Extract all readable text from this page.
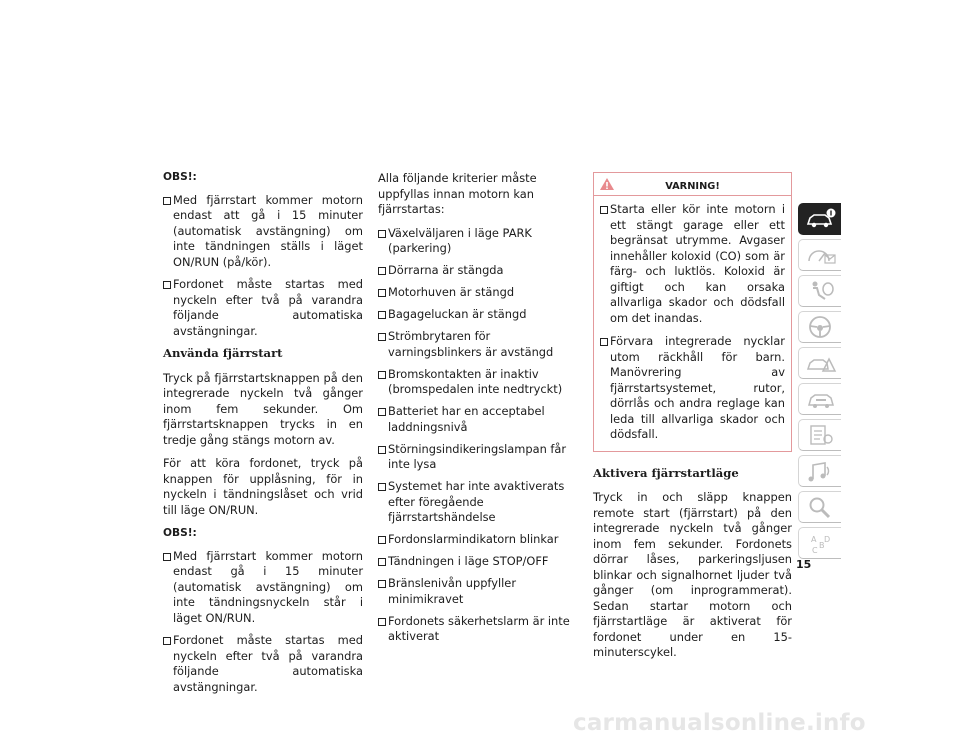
OBS!:

Med fjärrstart kommer motorn endast att gå i 15 minuter (automatisk avstängning) om inte tändningen ställs i läget ON/RUN (på/kör).
Fordonet måste startas med nyckeln efter två på varandra följande automatiska avstängningar.
Använda fjärrstart

Tryck på fjärrstartsknappen på den integrerade nyckeln två gånger inom fem sekunder. Om fjärrstartsknappen trycks in en tredje gång stängs motorn av.

För att köra fordonet, tryck på knappen för upplåsning, för in nyckeln i tändningslåset och vrid till läge ON/RUN.

OBS!:

Med fjärrstart kommer motorn endast gå i 15 minuter (automatisk avstängning) om inte tändningsnyckeln står i läget ON/RUN.
Fordonet måste startas med nyckeln efter två på varandra följande automatiska avstängningar.

Alla följande kriterier måste uppfyllas innan motorn kan fjärrstartas:

Växelväljaren i läge PARK (parkering)
Dörrarna är stängda
Motorhuven är stängd
Bagageluckan är stängd
Strömbrytaren för varningsblinkers är avstängd
Bromskontakten är inaktiv (bromspedalen inte nedtryckt)
Batteriet har en acceptabel laddningsnivå
Störningsindikeringslampan får inte lysa
Systemet har inte avaktiverats efter föregående fjärrstartshändelse
Fordonslarmindikatorn blinkar
Tändningen i läge STOP/OFF
Bränslenivån uppfyller minimikravet
Fordonets säkerhetslarm är inte aktiverat
VARNING!
Starta eller kör inte motorn i ett stängt garage eller ett begränsat utrymme. Avgaser innehåller koloxid (CO) som är färg- och luktlös. Koloxid är giftigt och kan orsaka allvarliga skador och dödsfall om det inandas.
Förvara integrerade nycklar utom räckhåll för barn. Manövrering av fjärrstartsystemet, rutor, dörrlås och andra reglage kan leda till allvarliga skador och dödsfall.
Aktivera fjärrstartläge

Tryck in och släpp knappen remote start (fjärrstart) på den integrerade nyckeln två gånger inom fem sekunder. Fordonets dörrar låses, parkeringsljusen blinkar och signalhornet ljuder två gånger (om inprogrammerat). Sedan startar motorn och fjärrstartläge är aktiverat för fordonet under en 15-minuterscykel.

A
B
C
D
15
carmanualsonline.info
